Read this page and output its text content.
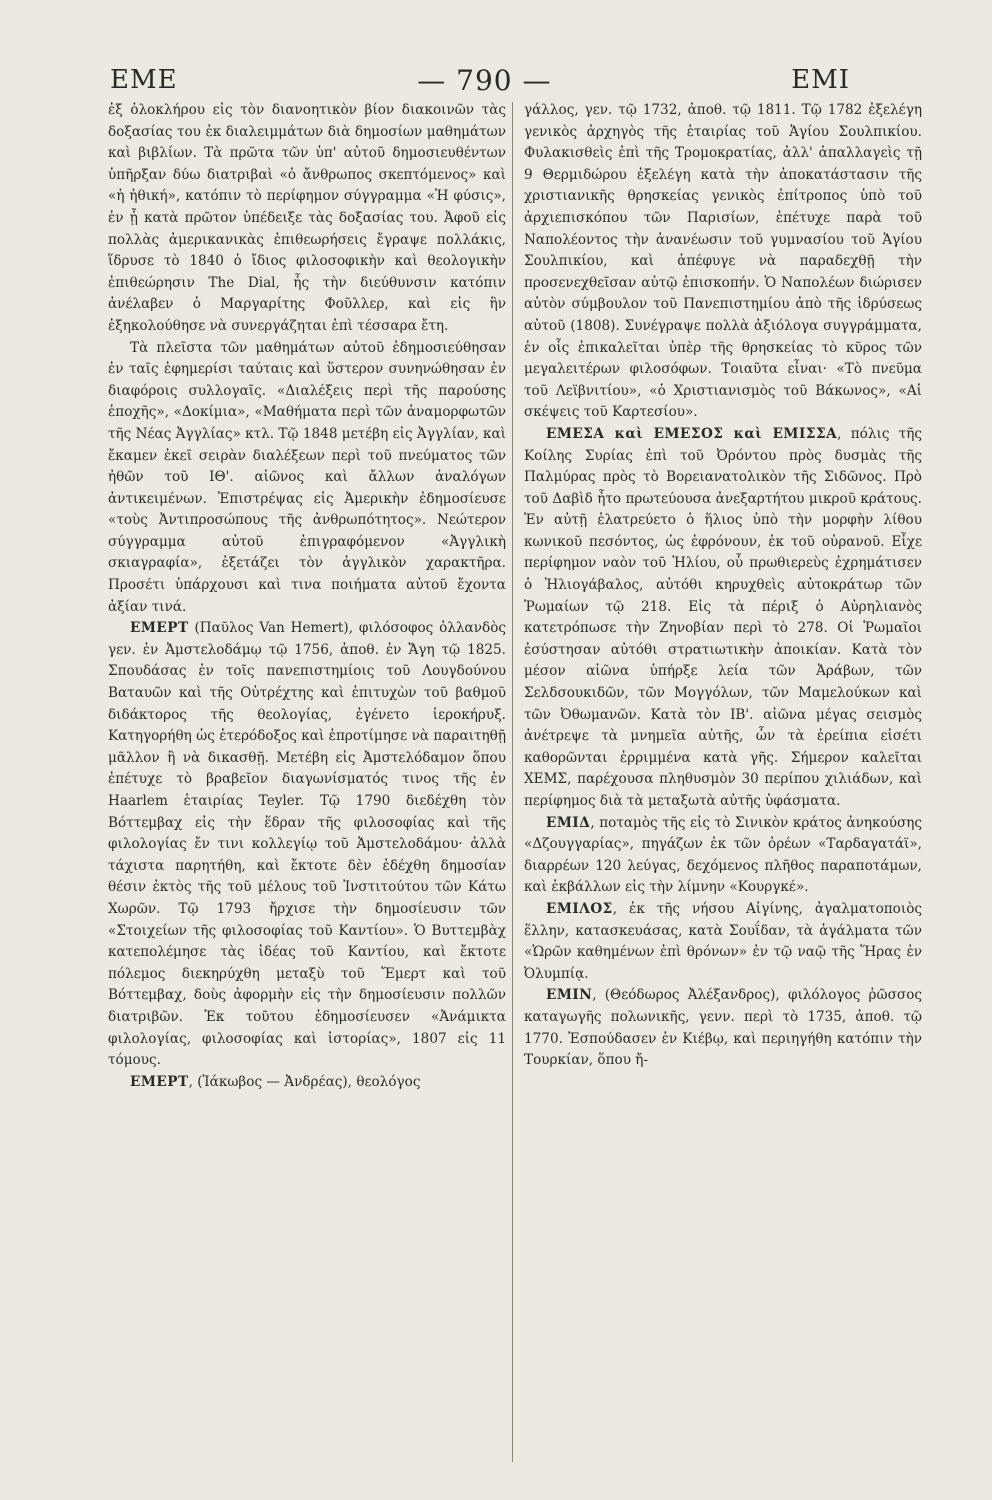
ΕΜΕ	— 790 —	ΕΜΙ

ἐξ ὁλοκλήρου εἰς τὸν διανοητικὸν βίον διακοινῶν τὰς δοξασίας του ἐκ διαλειμμάτων διὰ δημοσίων μαθημάτων καὶ βιβλίων. Τὰ πρῶτα τῶν ὑπ' αὐτοῦ δημοσιευθέντων ὑπῆρξαν δύω διατριβαὶ «ὁ ἄνθρωπος σκεπτόμενος» καὶ «ἡ ἠθική», κατόπιν τὸ περίφημον σύγγραμμα «Ἡ φύσις», ἐν ᾗ κατὰ πρῶτον ὑπέδειξε τὰς δοξασίας του. Ἀφοῦ εἰς πολλὰς ἀμερικανικὰς ἐπιθεωρήσεις ἔγραψε πολλάκις, ἵδρυσε τὸ 1840 ὁ ἴδιος φιλοσοφικὴν καὶ θεολογικὴν ἐπιθεώρησιν The Dial, ἧς τὴν διεύθυνσιν κατόπιν ἀνέλαβεν ὁ Μαργαρίτης Φοῦλλερ, καὶ εἰς ἣν ἐξηκολούθησε νὰ συνεργάζηται ἐπὶ τέσσαρα ἔτη.

Τὰ πλεῖστα τῶν μαθημάτων αὐτοῦ ἐδημοσιεύθησαν ἐν ταῖς ἐφημερίσι ταύταις καὶ ὕστερον συνηνώθησαν ἐν διαφόροις συλλογαῖς. «Διαλέξεις περὶ τῆς παρούσης ἐποχῆς», «Δοκίμια», «Μαθήματα περὶ τῶν ἀναμορφωτῶν τῆς Νέας Ἀγγλίας» κτλ. Τῷ 1848 μετέβη εἰς Ἀγγλίαν, καὶ ἔκαμεν ἐκεῖ σειρὰν διαλέξεων περὶ τοῦ πνεύματος τῶν ἠθῶν τοῦ ΙΘ'. αἰῶνος καὶ ἄλλων ἀναλόγων ἀντικειμένων. Ἐπιστρέψας εἰς Ἀμερικὴν ἐδημοσίευσε «τοὺς Ἀντιπροσώπους τῆς ἀνθρωπότητος». Νεώτερον σύγγραμμα αὐτοῦ ἐπιγραφόμενον «Ἀγγλικὴ σκιαγραφία», ἐξετάζει τὸν ἀγγλικὸν χαρακτῆρα. Προσέτι ὑπάρχουσι καὶ τινα ποιήματα αὐτοῦ ἔχοντα ἀξίαν τινά.

ΕΜΕΡΤ (Παῦλος Van Hemert), φιλόσοφος ὀλλανδὸς γεν. ἐν Ἀμστελοδάμῳ τῷ 1756, ἀποθ. ἐν Ἄγη τῷ 1825. Σπουδάσας ἐν τοῖς πανεπιστημίοις τοῦ Λουγδούνου Βαταυῶν καὶ τῆς Οὐτρέχτης καὶ ἐπιτυχὼν τοῦ βαθμοῦ διδάκτορος τῆς θεολογίας, ἐγένετο ἱεροκήρυξ. Κατηγορήθη ὡς ἑτερόδοξος καὶ ἐπροτίμησε νὰ παραιτηθῇ μᾶλλον ἢ νὰ δικασθῇ. Μετέβη εἰς Ἀμστελόδαμον ὅπου ἐπέτυχε τὸ βραβεῖον διαγωνίσματός τινος τῆς ἐν Haarlem ἑταιρίας Teyler. Τῷ 1790 διεδέχθη τὸν Βόττεμβαχ εἰς τὴν ἕδραν τῆς φιλοσοφίας καὶ τῆς φιλολογίας ἔν τινι κολλεγίῳ τοῦ Ἀμστελοδάμου· ἀλλὰ τάχιστα παρητήθη, καὶ ἔκτοτε δὲν ἐδέχθη δημοσίαν θέσιν ἐκτὸς τῆς τοῦ μέλους τοῦ Ἰνστιτούτου τῶν Κάτω Χωρῶν. Τῷ 1793 ἤρχισε τὴν δημοσίευσιν τῶν «Στοιχείων τῆς φιλοσοφίας τοῦ Καντίου». Ὁ Βυττεμβὰχ κατεπολέμησε τὰς ἰδέας τοῦ Καντίου, καὶ ἔκτοτε πόλεμος διεκηρύχθη μεταξὺ τοῦ Ἔμερτ καὶ τοῦ Βόττεμβαχ, δοὺς ἀφορμὴν εἰς τὴν δημοσίευσιν πολλῶν διατριβῶν. Ἐκ τοῦτου ἐδημοσίευσεν «Ἀνάμικτα φιλολογίας, φιλοσοφίας καὶ ἱστορίας», 1807 εἰς 11 τόμους.

ΕΜΕΡΤ, (Ἰάκωβος — Ἀνδρέας), θεολόγος

γάλλος, γεν. τῷ 1732, ἀποθ. τῷ 1811. Τῷ 1782 ἐξελέγη γενικὸς ἀρχηγὸς τῆς ἑταιρίας τοῦ Ἁγίου Σουλπικίου. Φυλακισθεὶς ἐπὶ τῆς Τρομοκρατίας, ἀλλ' ἀπαλλαγεὶς τῇ 9 Θερμιδώρου ἐξελέγη κατὰ τὴν ἀποκατάστασιν τῆς χριστιανικῆς θρησκείας γενικὸς ἐπίτροπος ὑπὸ τοῦ ἀρχιεπισκόπου τῶν Παρισίων, ἐπέτυχε παρὰ τοῦ Ναπολέοντος τὴν ἀνανέωσιν τοῦ γυμνασίου τοῦ Ἁγίου Σουλπικίου, καὶ ἀπέφυγε νὰ παραδεχθῇ τὴν προσενεχθεῖσαν αὐτῷ ἐπισκοπήν. Ὁ Ναπολέων διώρισεν αὐτὸν σύμβουλον τοῦ Πανεπιστημίου ἀπὸ τῆς ἱδρύσεως αὐτοῦ (1808). Συνέγραψε πολλὰ ἀξιόλογα συγγράμματα, ἐν οἷς ἐπικαλεῖται ὑπὲρ τῆς θρησκείας τὸ κῦρος τῶν μεγαλειτέρων φιλοσόφων. Τοιαῦτα εἶναι· «Τὸ πνεῦμα τοῦ Λεϊβνιτίου», «ὁ Χριστιανισμὸς τοῦ Βάκωνος», «Αἱ σκέψεις τοῦ Καρτεσίου».

ΕΜΕΣΑ καὶ ΕΜΕΣΟΣ καὶ ΕΜΙΣΣΑ, πόλις τῆς Κοίλης Συρίας ἐπὶ τοῦ Ὀρόντου πρὸς δυσμὰς τῆς Παλμύρας πρὸς τὸ Βορειανατολικὸν τῆς Σιδῶνος. Πρὸ τοῦ Δαβὶδ ἦτο πρωτεύουσα ἀνεξαρτήτου μικροῦ κράτους. Ἐν αὐτῇ ἐλατρεύετο ὁ ἥλιος ὑπὸ τὴν μορφὴν λίθου κωνικοῦ πεσόντος, ὡς ἐφρόνουν, ἐκ τοῦ οὐρανοῦ. Εἶχε περίφημον ναὸν τοῦ Ἡλίου, οὗ πρωθιερεὺς ἐχρημάτισεν ὁ Ἡλιογάβαλος, αὐτόθι κηρυχθεὶς αὐτοκράτωρ τῶν Ῥωμαίων τῷ 218. Εἰς τὰ πέριξ ὁ Αὐρηλιανὸς κατετρόπωσε τὴν Ζηνοβίαν περὶ τὸ 278. Οἱ Ῥωμαῖοι ἐσύστησαν αὐτόθι στρατιωτικὴν ἀποικίαν. Κατὰ τὸν μέσον αἰῶνα ὑπήρξε λεία τῶν Ἀράβων, τῶν Σελδσουκιδῶν, τῶν Μογγόλων, τῶν Μαμελούκων καὶ τῶν Ὀθωμανῶν. Κατὰ τὸν ΙΒ'. αἰῶνα μέγας σεισμὸς ἀνέτρεψε τὰ μνημεῖα αὐτῆς, ὧν τὰ ἐρείπια εἰσέτι καθορῶνται ἐρριμμένα κατὰ γῆς. Σήμερον καλεῖται ΧΕΜΣ, παρέχουσα πληθυσμὸν 30 περίπου χιλιάδων, καὶ περίφημος διὰ τὰ μεταξωτὰ αὐτῆς ὑφάσματα.

ΕΜΙΔ, ποταμὸς τῆς εἰς τὸ Σινικὸν κράτος ἀνηκούσης «Δζουγγαρίας», πηγάζων ἐκ τῶν ὀρέων «Ταρδαγατάϊ», διαρρέων 120 λεύγας, δεχόμενος πλῆθος παραποτάμων, καὶ ἐκβάλλων εἰς τὴν λίμνην «Κουργκέ».

ΕΜΙΛΟΣ, ἐκ τῆς νήσου Αἰγίνης, ἀγαλματοποιὸς ἕλλην, κατασκευάσας, κατὰ Σουΐδαν, τὰ ἀγάλματα τῶν «Ὡρῶν καθημένων ἐπὶ θρόνων» ἐν τῷ ναῷ τῆς Ἥρας ἐν Ὀλυμπίᾳ.

ΕΜΙΝ, (Θεόδωρος Ἀλέξανδρος), φιλόλογος ῥῶσσος καταγωγῆς πολωνικῆς, γενν. περὶ τὸ 1735, ἀποθ. τῷ 1770. Ἐσπούδασεν ἐν Κιέβῳ, καὶ περιηγήθη κατόπιν τὴν Τουρκίαν, ὅπου ἤ-
